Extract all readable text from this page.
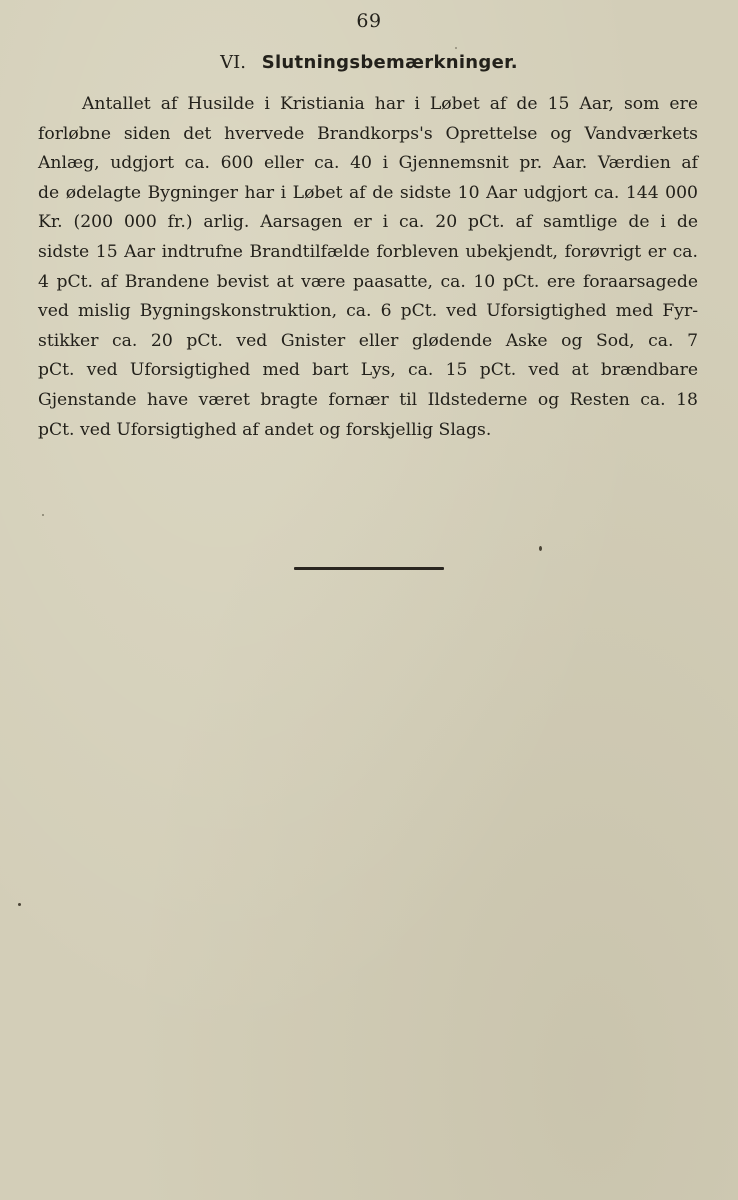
69
VI. Slutningsbemærkninger.
Antallet af Husilde i Kristiania har i Løbet af de 15 Aar, som ere
forløbne siden det hvervede Brandkorps's Oprettelse og Vandværkets
Anlæg, udgjort ca. 600 eller ca. 40 i Gjennemsnit pr. Aar. Værdien af
de ødelagte Bygninger har i Løbet af de sidste 10 Aar udgjort ca. 144 000
Kr. (200 000 fr.) arlig. Aarsagen er i ca. 20 pCt. af samtlige de i de
sidste 15 Aar indtrufne Brandtilfælde forbleven ubekjendt, forøvrigt er ca.
4 pCt. af Brandene bevist at være paasatte, ca. 10 pCt. ere foraarsagede
ved mislig Bygningskonstruktion, ca. 6 pCt. ved Uforsigtighed med Fyr-
stikker ca. 20 pCt. ved Gnister eller glødende Aske og Sod, ca. 7
pCt. ved Uforsigtighed med bart Lys, ca. 15 pCt. ved at brændbare
Gjenstande have været bragte fornær til Ildstederne og Resten ca. 18
pCt. ved Uforsigtighed af andet og forskjellig Slags.
